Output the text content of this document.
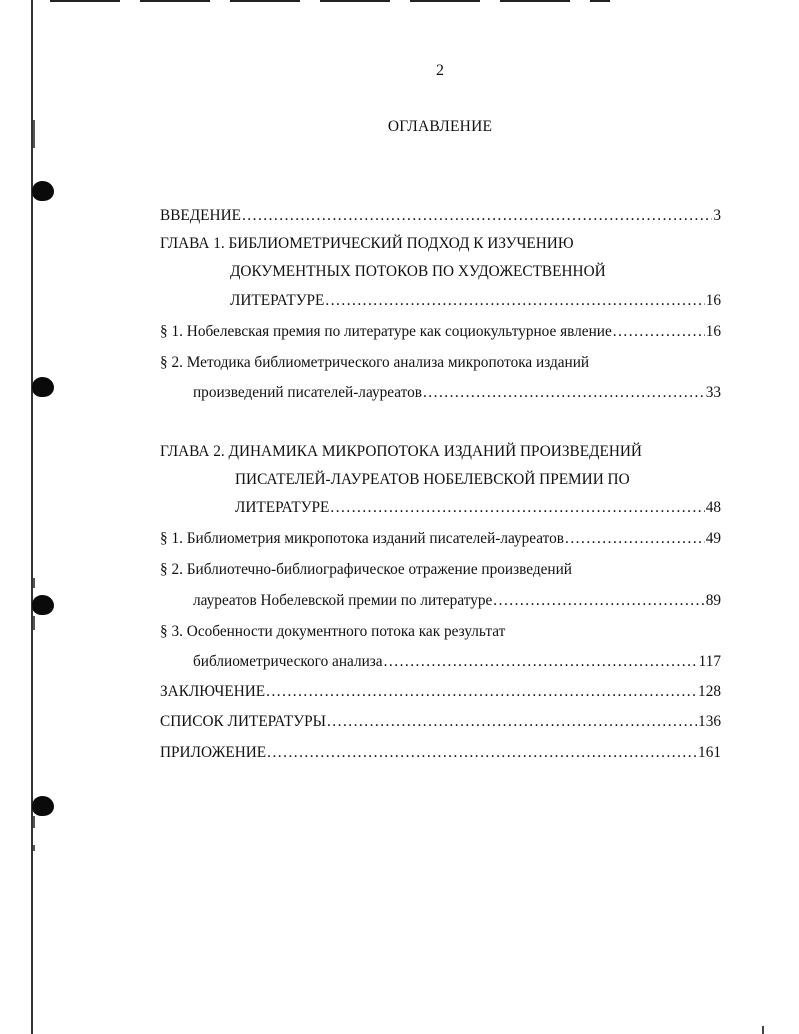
2
ОГЛАВЛЕНИЕ
ВВЕДЕНИЕ .....	3
ГЛАВА 1. БИБЛИОМЕТРИЧЕСКИЙ ПОДХОД К ИЗУЧЕНИЮ
ДОКУМЕНТНЫХ ПОТОКОВ ПО ХУДОЖЕСТВЕННОЙ
ЛИТЕРАТУРЕ .....	16
§ 1. Нобелевская премия по литературе как социокультурное явление .....	16
§ 2. Методика библиометрического анализа микропотока изданий
произведений писателей-лауреатов .....	33
ГЛАВА 2. ДИНАМИКА МИКРОПОТОКА ИЗДАНИЙ ПРОИЗВЕДЕНИЙ
ПИСАТЕЛЕЙ-ЛАУРЕАТОВ НОБЕЛЕВСКОЙ ПРЕМИИ ПО
ЛИТЕРАТУРЕ .....	48
§ 1. Библиометрия микропотока изданий писателей-лауреатов .....	49
§ 2. Библиотечно-библиографическое отражение произведений
лауреатов Нобелевской премии по литературе .....	89
§ 3. Особенности документного потока как результат
библиометрического анализа .....	117
ЗАКЛЮЧЕНИЕ .....	128
СПИСОК ЛИТЕРАТУРЫ .....	136
ПРИЛОЖЕНИЕ .....	161
